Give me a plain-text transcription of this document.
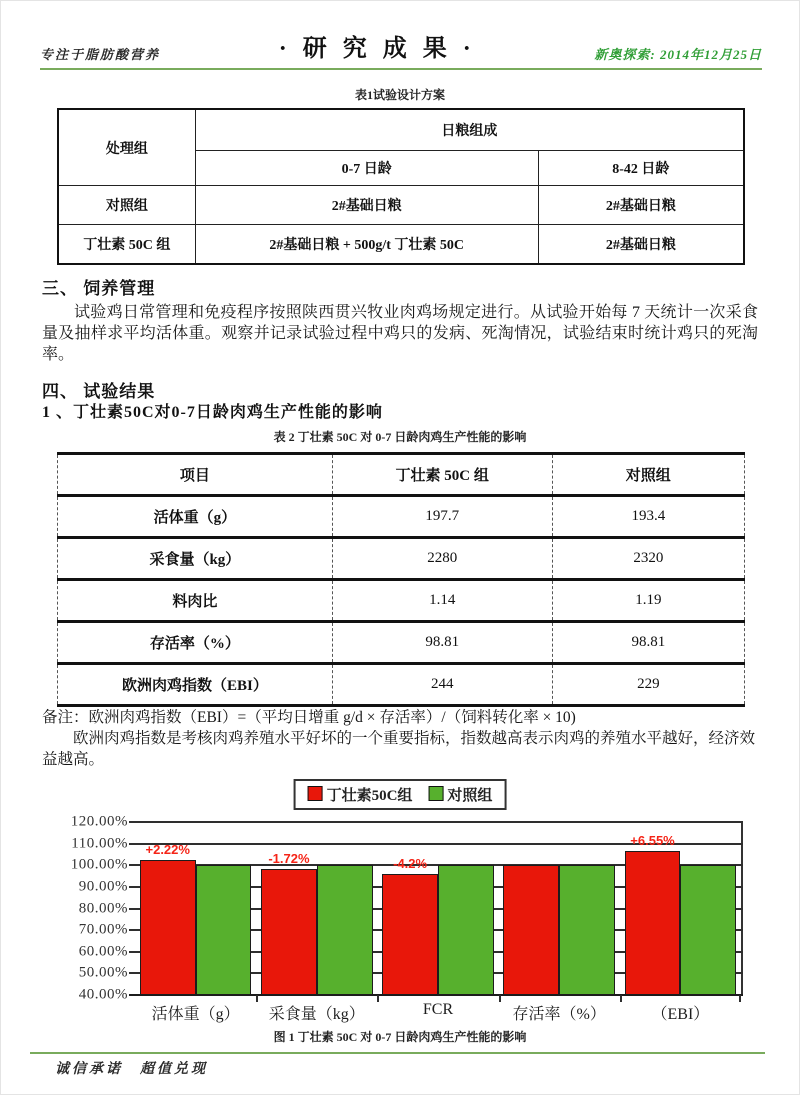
专注于脂肪酸营养	· 研 究 成 果 ·	新奥探索: 2014年12月25日
表1试验设计方案
处理组	日粮组成	
	0-7 日龄	8-42 日龄
对照组	2#基础日粮	2#基础日粮
丁壮素 50C 组	2#基础日粮 + 500g/t 丁壮素 50C	2#基础日粮
三、 饲养管理
试验鸡日常管理和免疫程序按照陕西贯兴牧业肉鸡场规定进行。从试验开始每 7 天统计一次采食量及抽样求平均活体重。观察并记录试验过程中鸡只的发病、死淘情况，试验结束时统计鸡只的死淘率。
四、 试验结果
1 、丁壮素50C对0-7日龄肉鸡生产性能的影响
表 2 丁壮素 50C 对 0-7 日龄肉鸡生产性能的影响
项目	丁壮素 50C 组	对照组
活体重（g）	197.7	193.4
采食量（kg）	2280	2320
料肉比	1.14	1.19
存活率（%）	98.81	98.81
欧洲肉鸡指数（EBI）	244	229
备注：欧洲肉鸡指数（EBI）=（平均日增重 g/d × 存活率）/（饲料转化率 × 10)
欧洲肉鸡指数是考核肉鸡养殖水平好坏的一个重要指标，指数越高表示肉鸡的养殖水平越好，经济效益越高。
丁壮素50C组	对照组
120.00%
110.00%
100.00%
90.00%
80.00%
70.00%
60.00%
50.00%
40.00%
+2.22%
-1.72%	-4.2%
+6.55%
活体重（g） 采食量（kg）	FCR	存活率（%）	（EBI）
图 1 丁壮素 50C 对 0-7 日龄肉鸡生产性能的影响
诚信承诺　超值兑现
